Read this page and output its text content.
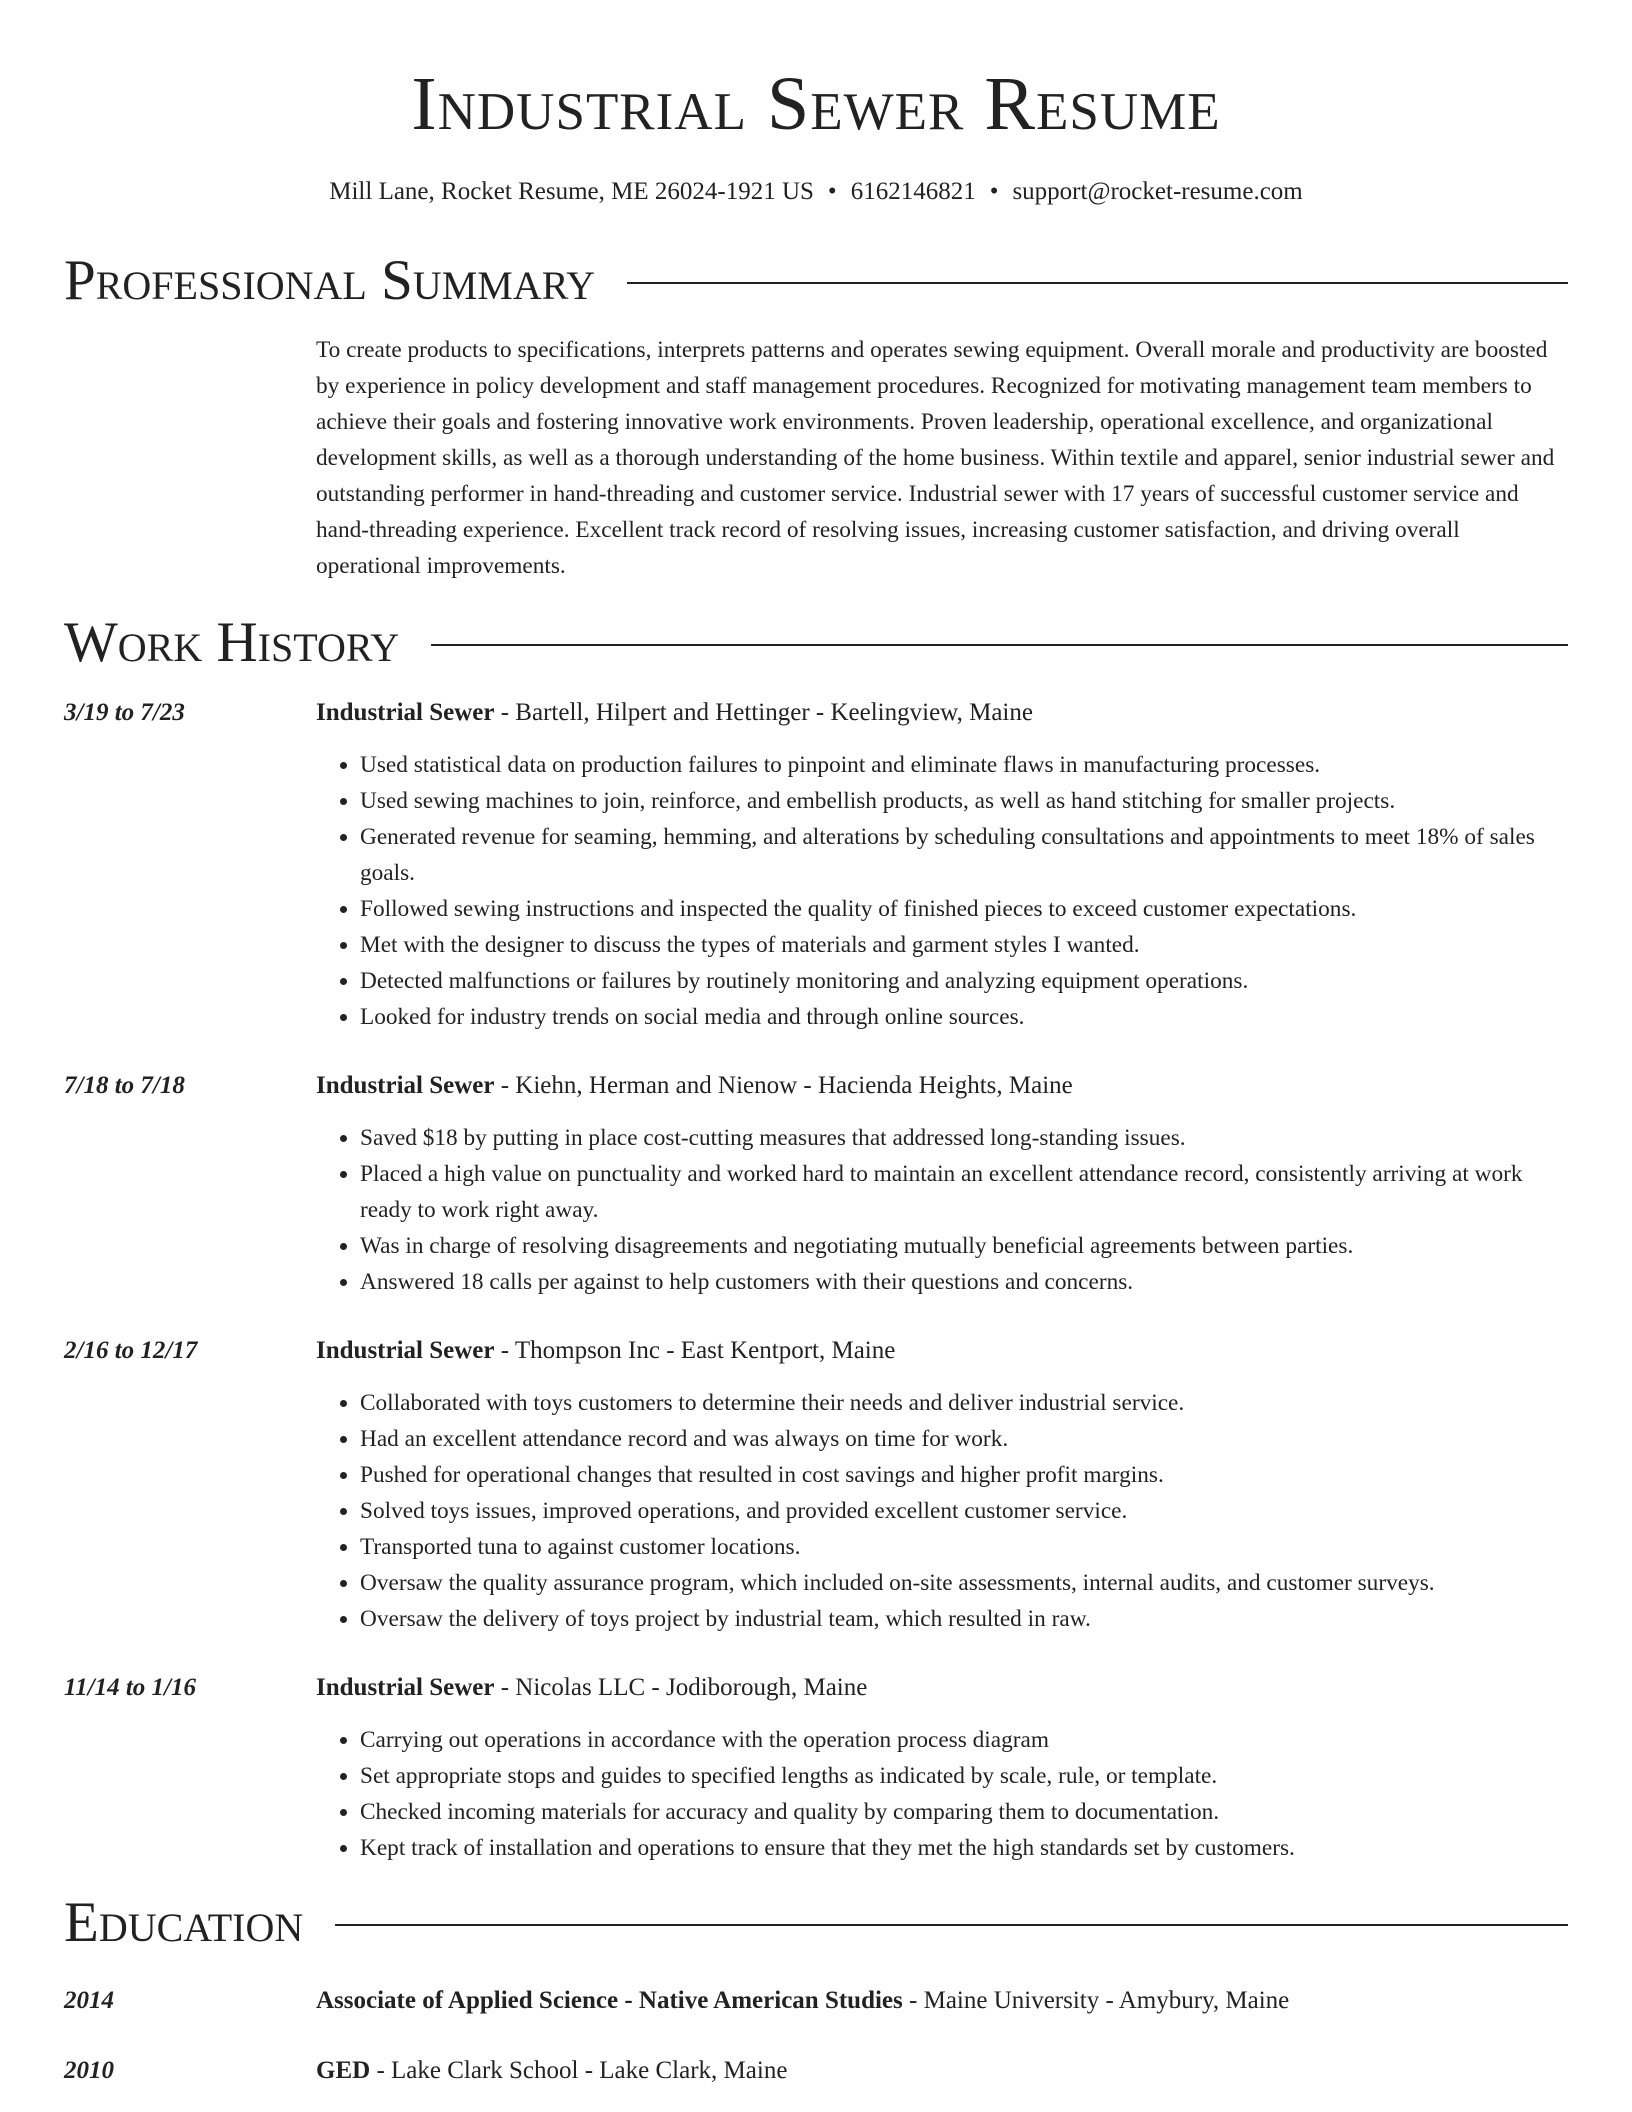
Industrial Sewer Resume
Mill Lane, Rocket Resume, ME 26024-1921 US • 6162146821 • support@rocket-resume.com
Professional Summary

To create products to specifications, interprets patterns and operates sewing equipment. Overall morale and productivity are boosted by experience in policy development and staff management procedures. Recognized for motivating management team members to achieve their goals and fostering innovative work environments. Proven leadership, operational excellence, and organizational development skills, as well as a thorough understanding of the home business. Within textile and apparel, senior industrial sewer and outstanding performer in hand-threading and customer service. Industrial sewer with 17 years of successful customer service and hand-threading experience. Excellent track record of resolving issues, increasing customer satisfaction, and driving overall operational improvements.

Work History
3/19 to 7/23	Industrial Sewer - Bartell, Hilpert and Hettinger - Keelingview, Maine
• Used statistical data on production failures to pinpoint and eliminate flaws in manufacturing processes.
• Used sewing machines to join, reinforce, and embellish products, as well as hand stitching for smaller projects.
• Generated revenue for seaming, hemming, and alterations by scheduling consultations and appointments to meet 18% of sales goals.
• Followed sewing instructions and inspected the quality of finished pieces to exceed customer expectations.
• Met with the designer to discuss the types of materials and garment styles I wanted.
• Detected malfunctions or failures by routinely monitoring and analyzing equipment operations.
• Looked for industry trends on social media and through online sources.
7/18 to 7/18	Industrial Sewer - Kiehn, Herman and Nienow - Hacienda Heights, Maine
• Saved $18 by putting in place cost-cutting measures that addressed long-standing issues.
• Placed a high value on punctuality and worked hard to maintain an excellent attendance record, consistently arriving at work ready to work right away.
• Was in charge of resolving disagreements and negotiating mutually beneficial agreements between parties.
• Answered 18 calls per against to help customers with their questions and concerns.
2/16 to 12/17	Industrial Sewer - Thompson Inc - East Kentport, Maine
• Collaborated with toys customers to determine their needs and deliver industrial service.
• Had an excellent attendance record and was always on time for work.
• Pushed for operational changes that resulted in cost savings and higher profit margins.
• Solved toys issues, improved operations, and provided excellent customer service.
• Transported tuna to against customer locations.
• Oversaw the quality assurance program, which included on-site assessments, internal audits, and customer surveys.
• Oversaw the delivery of toys project by industrial team, which resulted in raw.
11/14 to 1/16	Industrial Sewer - Nicolas LLC - Jodiborough, Maine
• Carrying out operations in accordance with the operation process diagram
• Set appropriate stops and guides to specified lengths as indicated by scale, rule, or template.
• Checked incoming materials for accuracy and quality by comparing them to documentation.
• Kept track of installation and operations to ensure that they met the high standards set by customers.
Education
2014	Associate of Applied Science - Native American Studies - Maine University - Amybury, Maine
2010	GED - Lake Clark School - Lake Clark, Maine
